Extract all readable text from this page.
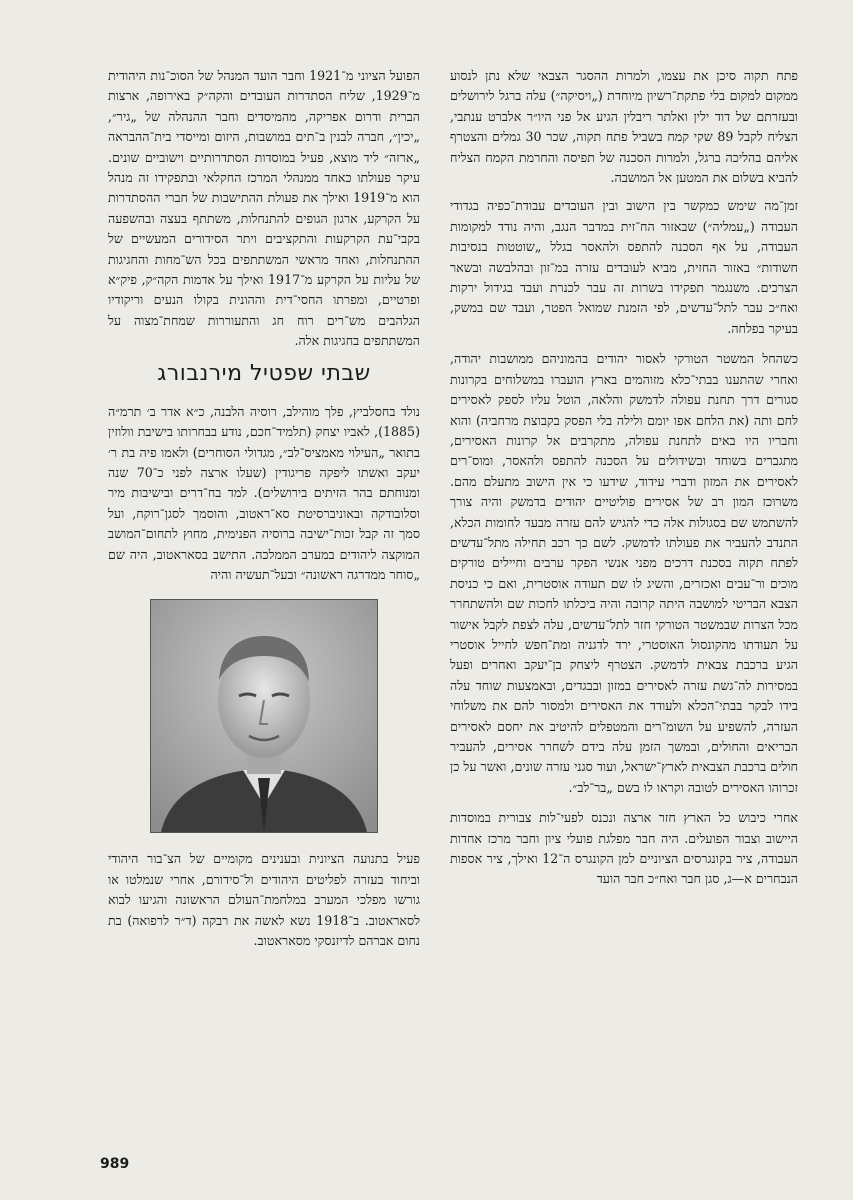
פתח תקוה סיכן את עצמו, ולמרות ההסגר הצבאי שלא נתן לנסוע ממקום למקום בלי פתקת־רשיון מיוחדת („ויסיקה״) עלה ברגל לירושלים ובעזרתם של דוד ילין ואלתר ריבלין הגיע אל פני היו״ר אלברט ענתבי, הצליח לקבל 89 שקי קמח בשביל פתח תקוה, שכר 30 גמלים והצטרף אליהם בהליכה ברגל, ולמרות הסכנה של תפיסה והחרמת הקמח הצליח להביא בשלום את המטען אל המושבה.

זמן־מה שימש כמקשר בין הישוב ובין העובדים עבודת־כפיה בגדודי העבודה („עמליה״) שבאזור הח־זית במדבר הנגב, והיה נודד למקומות העבודה, על אף הסכנה להתפס ולהאסר בגלל „שוטטות בנסיבות חשודות״ באזור החזית, מביא לעובדים עזרה במ־זון ובהלבשה ובשאר הצרכים. משנגמר תפקידו בשרות זה עבר לכנרת ועבד בגידול ירקות ואח״כ עבר לתל־עדשים, לפי הזמנת שמואל הפטר, ועבד שם במשק, בעיקר בפלחה.

כשהחל המשטר הטורקי לאסור יהודים בהמוניהם ממושבות יהודה, ואחרי שהתענו בבתי־כלא מזוהמים בארץ הועברו במשלוחים בקרונות סגורים דרך תחנת עפולה לדמשק והלאה, הוטל עליו לספק לאסירים לחם ותה (את הלחם אפו יומם ולילה בלי הפסק בקבוצת מרחביה) והוא וחבריו היו באים לתחנת עפולה, מתקרבים אל קרונות האסירים, מתגברים בשוחד ובשידולים על הסכנה להתפס ולהאסר, ומוס־רים לאסירים את המזון ודברי עידוד, שידעו כי אין הישוב מתעלם מהם. משרוכז המון רב של אסירים פוליטיים יהודים בדמשק והיה צורך להשתמש שם בסגולות אלה כדי להגיש להם עזרה מבעד לחומות הכלא, התנדב להעביר את פעולתו לדמשק. לשם כך רכב תחילה מתל־עדשים לפתח תקוה בסכנת דרכים מפני אנשי הפקר ערבים וחיילים טורקים מוכים ור־עבים ואכזרים, והשיג לו שם תעודה אוסטרית, ואם כי כניסת הצבא הבריטי למושבה היתה קרובה והיה ביכלתו לחכות שם ולהשתחרר מכל הצרות שבמשטר הטורקי חזר לתל־עדשים, עלה לצפת לקבל אישור על תעודתו מהקונסול האוסטרי, ירד לדגניה ומת־חפש לחייל אוסטרי הגיע ברכבת צבאית לדמשק. הצטרף ליצחק בן־יעקב ואחרים ופעל במסירות לה־גשת עזרה לאסירים במזון ובבגדים, ובאמצעות שוחד עלה בידו לבקר בבתי־הכלא ולעודד את האסירים ולמסור להם את משלוחי העזרה, להשפיע על השומ־רים והמטפלים להיטיב את יחסם לאסירים הבריאים והחולים, ובמשך הזמן עלה בידם לשחרר אסירים, להעביר חולים ברכבת הצבאית לארץ־ישראל, ועוד סגני עזרה שונים, ואשר על כן זכרוהו האסירים לטובה וקראו לו בשם „בר־לב״.

אחרי כיבוש כל הארץ חזר ארצה ונכנס לפעי־לות צבורית במוסדות היישוב וצבור הפועלים. היה חבר מפלגת פועלי ציון וחבר מרכז אחדות העבודה, ציר בקונגרסים הציוניים למן הקונגרס ה־12 ואילך, ציר אספות הנבחרים א—ג, סגן חבר ואח״כ חבר הועד

הפועל הציוני מ־1921 וחבר הועד המנהל של הסוכ־נות היהודית מ־1929, שליח הסתדרות העובדים והקה״ק באירופה, ארצות הברית ודרום אפריקה, מהמיסדים וחבר ההנהלה של „גיר״, „יכין״, חברה לבנין ב־תים במושבות, היזום ומייסדי בית־ההבראה „ארזה״ ליד מוצא, פעיל במוסדות הסתדרותיים וישוביים שונים. עיקר פעולתו כאחד ממנהלי המרכז החקלאי ובתפקידו זה מנהל הוא מ־1919 ואילך את פעולת ההתישבות של חברי ההסתדרות על הקרקע, ארגון הגופים להתנחלות, משתתף בעצה ובהשפעה בקבי־עת הקרקעות והתקציבים ויתר הסידורים המעשיים של ההתנחלות, ואחד מראשי המשתתפים בכל הש־מחות והחגיגות של עליות על הקרקע מ־1917 ואילך על אדמות הקה״ק, פיק״א ופרטיים, ומפרתו החסי־דית וההונית בקולו הנעים וריקודיו הגלהבים מש־רים רוח חג והתעוררות שמחת־מצוה על המשתתפים בחגיגות אלה.

שבתי שפטיל מירנבורג

נולד בחסלביץ, פלך מוהילב, רוסיה הלבנה, כ״א אדר ב׳ תרמ״ה (1885), לאביו יצחק (תלמיד־חכם, נודע בבחרותו בישיבת וולוזין בתואר „העילוי מאמציס־לב״, מגדולי הסוחרים) ולאמו פיה בת ר׳ יעקב ואשתו ליפקה פריגודין (שעלו ארצה לפני כ־70 שנה ומנוחתם בהר הזיתים בירושלים). למד בח־דרים ובישיבות מיר וסלובודקה ובאוניברסיטת סא־ראטוב, והוסמך לסגן־רוקח, ועל סמך זה קבל זכות־ישיבה ברוסיה הפנימית, מחוץ לתחום־המושב המוקצה ליהודים במערב הממלכה. התישב בסאראטוב, היה שם „סוחר ממדרגה ראשונה״ ובעל־תעשיה והיה

פעיל בתנועה הציונית ובענינים מקומיים של הצ־בור היהודי וביחוד בעזרה לפליטים היהודים ול־סידורם, אחרי שנמלטו או גורשו מפלכי המערב במלחמת־העולם הראשונה והגיעו לבוא לסאראטוב. ב־1918 נשא לאשה את רבקה (ד״ר לרפואה) בת נחום אברהם לדיזנסקי מסאראטוב.

989
